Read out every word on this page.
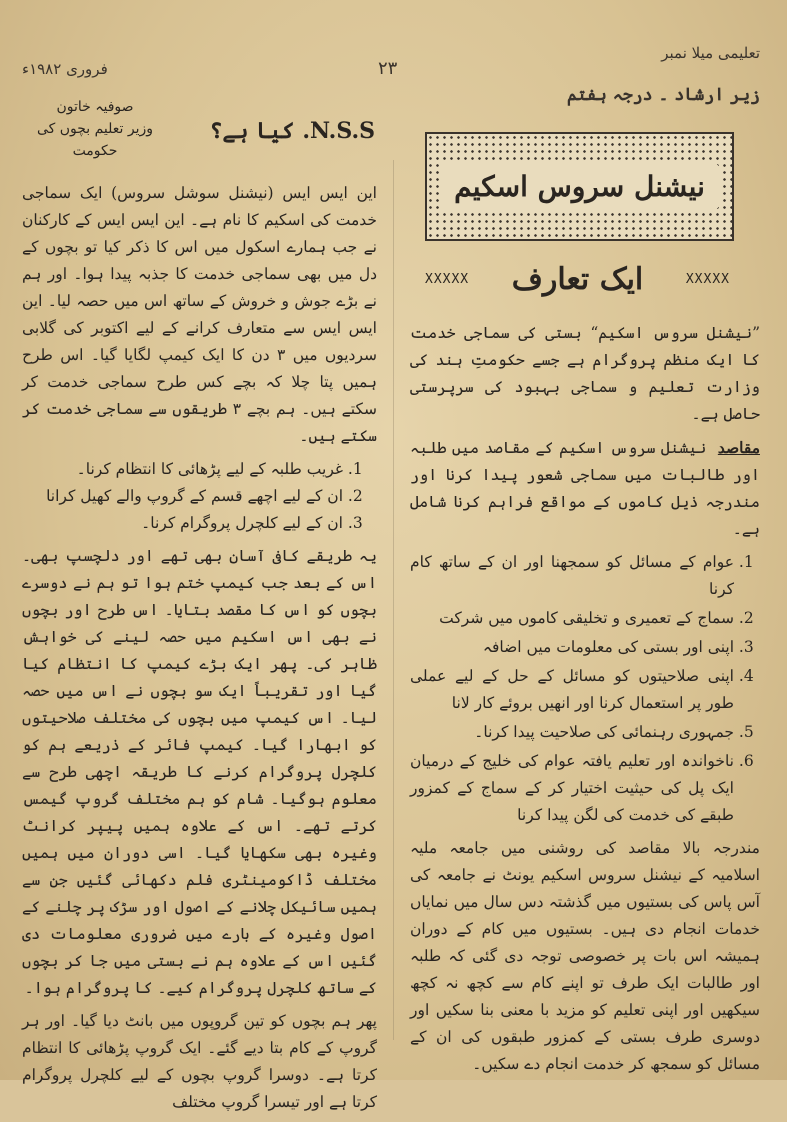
فروری ۱۹۸۲ء	۲۳
تعلیمی میلا نمبر
زیر ارشاد ۔ درجہ ہفتم
صوفیہ خاتون
وزیر تعلیم بچوں کی حکومت
N.S.S. کیا ہے؟

این ایس ایس (نیشنل سوشل سروس) ایک سماجی خدمت کی اسکیم کا نام ہے۔ این ایس ایس کے کارکنان نے جب ہمارے اسکول میں اس کا ذکر کیا تو بچوں کے دل میں بھی سماجی خدمت کا جذبہ پیدا ہوا۔ اور ہم نے بڑے جوش و خروش کے ساتھ اس میں حصہ لیا۔ این ایس ایس سے متعارف کرانے کے لیے اکتوبر کی گلابی سردیوں میں ۳ دن کا ایک کیمپ لگایا گیا۔ اس طرح ہمیں پتا چلا کہ بچے کس طرح سماجی خدمت کر سکتے ہیں۔ ہم بچے ۳ طریقوں سے سماجی خدمت کر سکتے ہیں۔

1. غریب طلبہ کے لیے پڑھائی کا انتظام کرنا۔
2. ان کے لیے اچھے قسم کے گروپ والے کھیل کرانا
3. ان کے لیے کلچرل پروگرام کرنا۔

یہ طریقے کافی آسان بھی تھے اور دلچسپ بھی۔ اس کے بعد جب کیمپ ختم ہوا تو ہم نے دوسرے بچوں کو اس کا مقصد بتایا۔ اس طرح اور بچوں نے بھی اس اسکیم میں حصہ لینے کی خواہش ظاہر کی۔ پھر ایک بڑے کیمپ کا انتظام کیا گیا اور تقریباً ایک سو بچوں نے اس میں حصہ لیا۔ اس کیمپ میں بچوں کی مختلف صلاحیتوں کو ابھارا گیا۔ کیمپ فائر کے ذریعے ہم کو کلچرل پروگرام کرنے کا طریقہ اچھی طرح سے معلوم ہوگیا۔ شام کو ہم مختلف گروپ گیمس کرتے تھے۔ اس کے علاوہ ہمیں پیپر کرانٹ وغیرہ بھی سکھایا گیا۔ اسی دوران میں ہمیں مختلف ڈاکومینٹری فلم دکھائی گئیں جن سے ہمیں سائیکل چلانے کے اصول اور سڑک پر چلنے کے اصول وغیرہ کے بارے میں ضروری معلومات دی گئیں اس کے علاوہ ہم نے بستی میں جا کر بچوں کے ساتھ کلچرل پروگرام کیے۔ کا پروگرام ہوا۔

پھر ہم بچوں کو تین گروپوں میں بانٹ دیا گیا۔ اور ہر گروپ کے کام بتا دیے گئے۔ ایک گروپ پڑھائی کا انتظام کرتا ہے۔ دوسرا گروپ بچوں کے لیے کلچرل پروگرام کرتا ہے اور تیسرا گروپ مختلف

نیشنل سروس اسکیم
XXXXX ایک تعارف	XXXXX

”نیشنل سروس اسکیم“ بستی کی سماجی خدمت کا ایک منظم پروگرام ہے جسے حکومتِ ہند کی وزارت تعلیم و سماجی بہبود کی سرپرستی حاصل ہے۔

مقاصد نیشنل سروس اسکیم کے مقاصد میں طلبہ اور طالبات میں سماجی شعور پیدا کرنا اور مندرجہ ذیل کاموں کے مواقع فراہم کرنا شامل ہے۔

1. عوام کے مسائل کو سمجھنا اور ان کے ساتھ کام کرنا
2. سماج کے تعمیری و تخلیقی کاموں میں شرکت
3. اپنی اور بستی کی معلومات میں اضافہ
4. اپنی صلاحیتوں کو مسائل کے حل کے لیے عملی طور پر استعمال کرنا اور انھیں بروئے کار لانا
5. جمہوری رہنمائی کی صلاحیت پیدا کرنا۔
6. ناخواندہ اور تعلیم یافتہ عوام کی خلیج کے درمیان ایک پل کی حیثیت اختیار کر کے سماج کے کمزور طبقے کی خدمت کی لگن پیدا کرنا

مندرجہ بالا مقاصد کی روشنی میں جامعہ ملیہ اسلامیہ کے نیشنل سروس اسکیم یونٹ نے جامعہ کی آس پاس کی بستیوں میں گذشتہ دس سال میں نمایاں خدمات انجام دی ہیں۔ بستیوں میں کام کے دوران ہمیشہ اس بات پر خصوصی توجہ دی گئی کہ طلبہ اور طالبات ایک طرف تو اپنے کام سے کچھ نہ کچھ سیکھیں اور اپنی تعلیم کو مزید با معنی بنا سکیں اور دوسری طرف بستی کے کمزور طبقوں کی ان کے مسائل کو سمجھ کر خدمت انجام دے سکیں۔
